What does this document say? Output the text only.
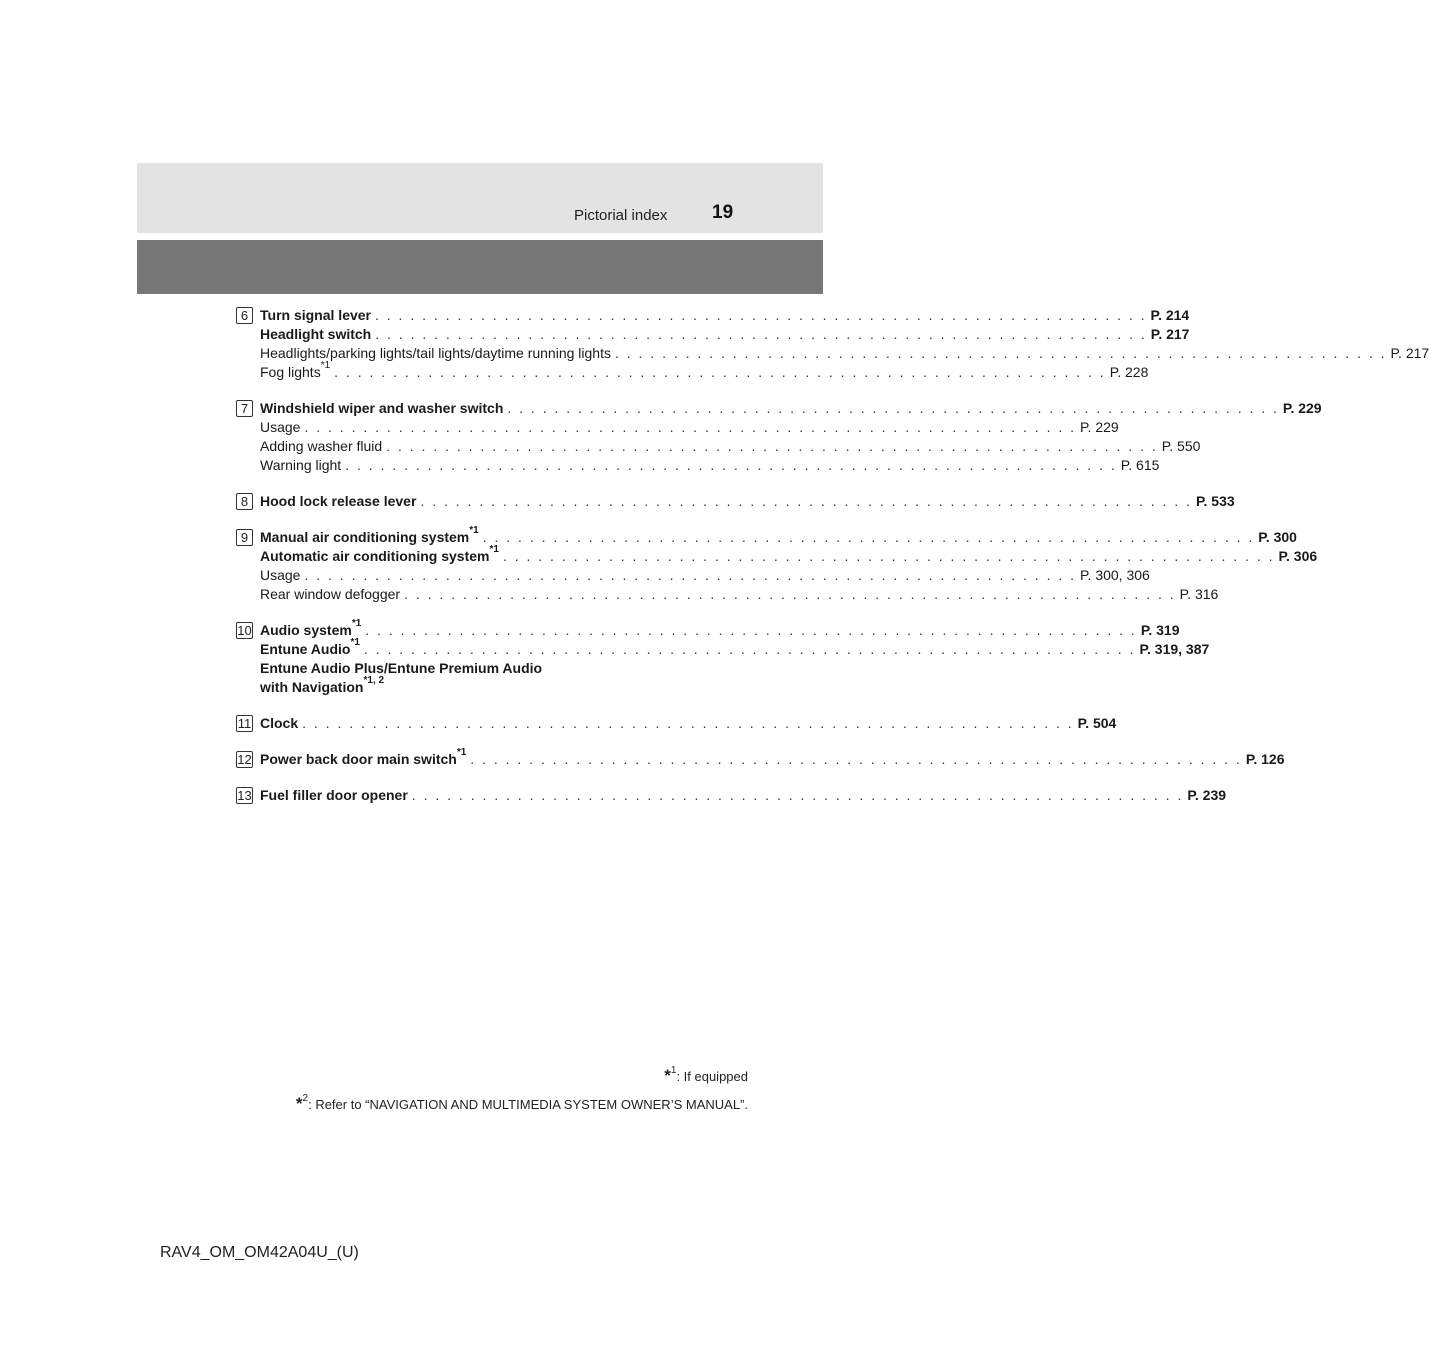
Pictorial index 19
6 Turn signal lever . . . . . . . . . . . . . . . . . . . . . . . . . . . . . . . . . . . . . . . . . . . . . . . . . . . . . . . . . . . . . . . . . . P. 214
Headlight switch . . . . . . . . . . . . . . . . . . . . . . . . . . . . . . . . . . . . . . . . . . . . . . . . . . . . . . . . . . . . . . . . . . P. 217
Headlights/parking lights/tail lights/daytime running lights . . . . . . . . . . . . . . . . . . . . . . . . . . . . . . . . . . . . . . . . . . . . . . . . . . . . . . . . . . . . . . . . . . P. 217
Fog lights$^{*1}$ . . . . . . . . . . . . . . . . . . . . . . . . . . . . . . . . . . . . . . . . . . . . . . . . . . . . . . . . . . . . . . . . . . P. 228
7 Windshield wiper and washer switch . . . . . . . . . . . . . . . . . . . . . . . . . . . . . . . . . . . . . . . . . . . . . . . . . . . . . . . . . . . . . . . . . . P. 229
Usage . . . . . . . . . . . . . . . . . . . . . . . . . . . . . . . . . . . . . . . . . . . . . . . . . . . . . . . . . . . . . . . . . . P. 229
Adding washer fluid . . . . . . . . . . . . . . . . . . . . . . . . . . . . . . . . . . . . . . . . . . . . . . . . . . . . . . . . . . . . . . . . . . P. 550
Warning light . . . . . . . . . . . . . . . . . . . . . . . . . . . . . . . . . . . . . . . . . . . . . . . . . . . . . . . . . . . . . . . . . . P. 615
8 Hood lock release lever . . . . . . . . . . . . . . . . . . . . . . . . . . . . . . . . . . . . . . . . . . . . . . . . . . . . . . . . . . . . . . . . . . P. 533
9 Manual air conditioning system$^{*1}$ . . . . . . . . . . . . . . . . . . . . . . . . . . . . . . . . . . . . . . . . . . . . . . . . . . . . . . . . . . . . . . . . . . P. 300
Automatic air conditioning system$^{*1}$ . . . . . . . . . . . . . . . . . . . . . . . . . . . . . . . . . . . . . . . . . . . . . . . . . . . . . . . . . . . . . . . . . . P. 306
Usage . . . . . . . . . . . . . . . . . . . . . . . . . . . . . . . . . . . . . . . . . . . . . . . . . . . . . . . . . . . . . . . . . . P. 300, 306
Rear window defogger . . . . . . . . . . . . . . . . . . . . . . . . . . . . . . . . . . . . . . . . . . . . . . . . . . . . . . . . . . . . . . . . . . P. 316
10 Audio system$^{*1}$ . . . . . . . . . . . . . . . . . . . . . . . . . . . . . . . . . . . . . . . . . . . . . . . . . . . . . . . . . . . . . . . . . . P. 319
Entune Audio$^{*1}$ . . . . . . . . . . . . . . . . . . . . . . . . . . . . . . . . . . . . . . . . . . . . . . . . . . . . . . . . . . . . . . . . . . P. 319, 387
Entune Audio Plus/Entune Premium Audio
with Navigation$^{*1, 2}$
11 Clock . . . . . . . . . . . . . . . . . . . . . . . . . . . . . . . . . . . . . . . . . . . . . . . . . . . . . . . . . . . . . . . . . . P. 504
12 Power back door main switch$^{*1}$ . . . . . . . . . . . . . . . . . . . . . . . . . . . . . . . . . . . . . . . . . . . . . . . . . . . . . . . . . . . . . . . . . . P. 126
13 Fuel filler door opener . . . . . . . . . . . . . . . . . . . . . . . . . . . . . . . . . . . . . . . . . . . . . . . . . . . . . . . . . . . . . . . . . . P. 239
*$^1$: If equipped
*$^2$: Refer to “NAVIGATION AND MULTIMEDIA SYSTEM OWNER’S MANUAL”.
RAV4_OM_OM42A04U_(U)
